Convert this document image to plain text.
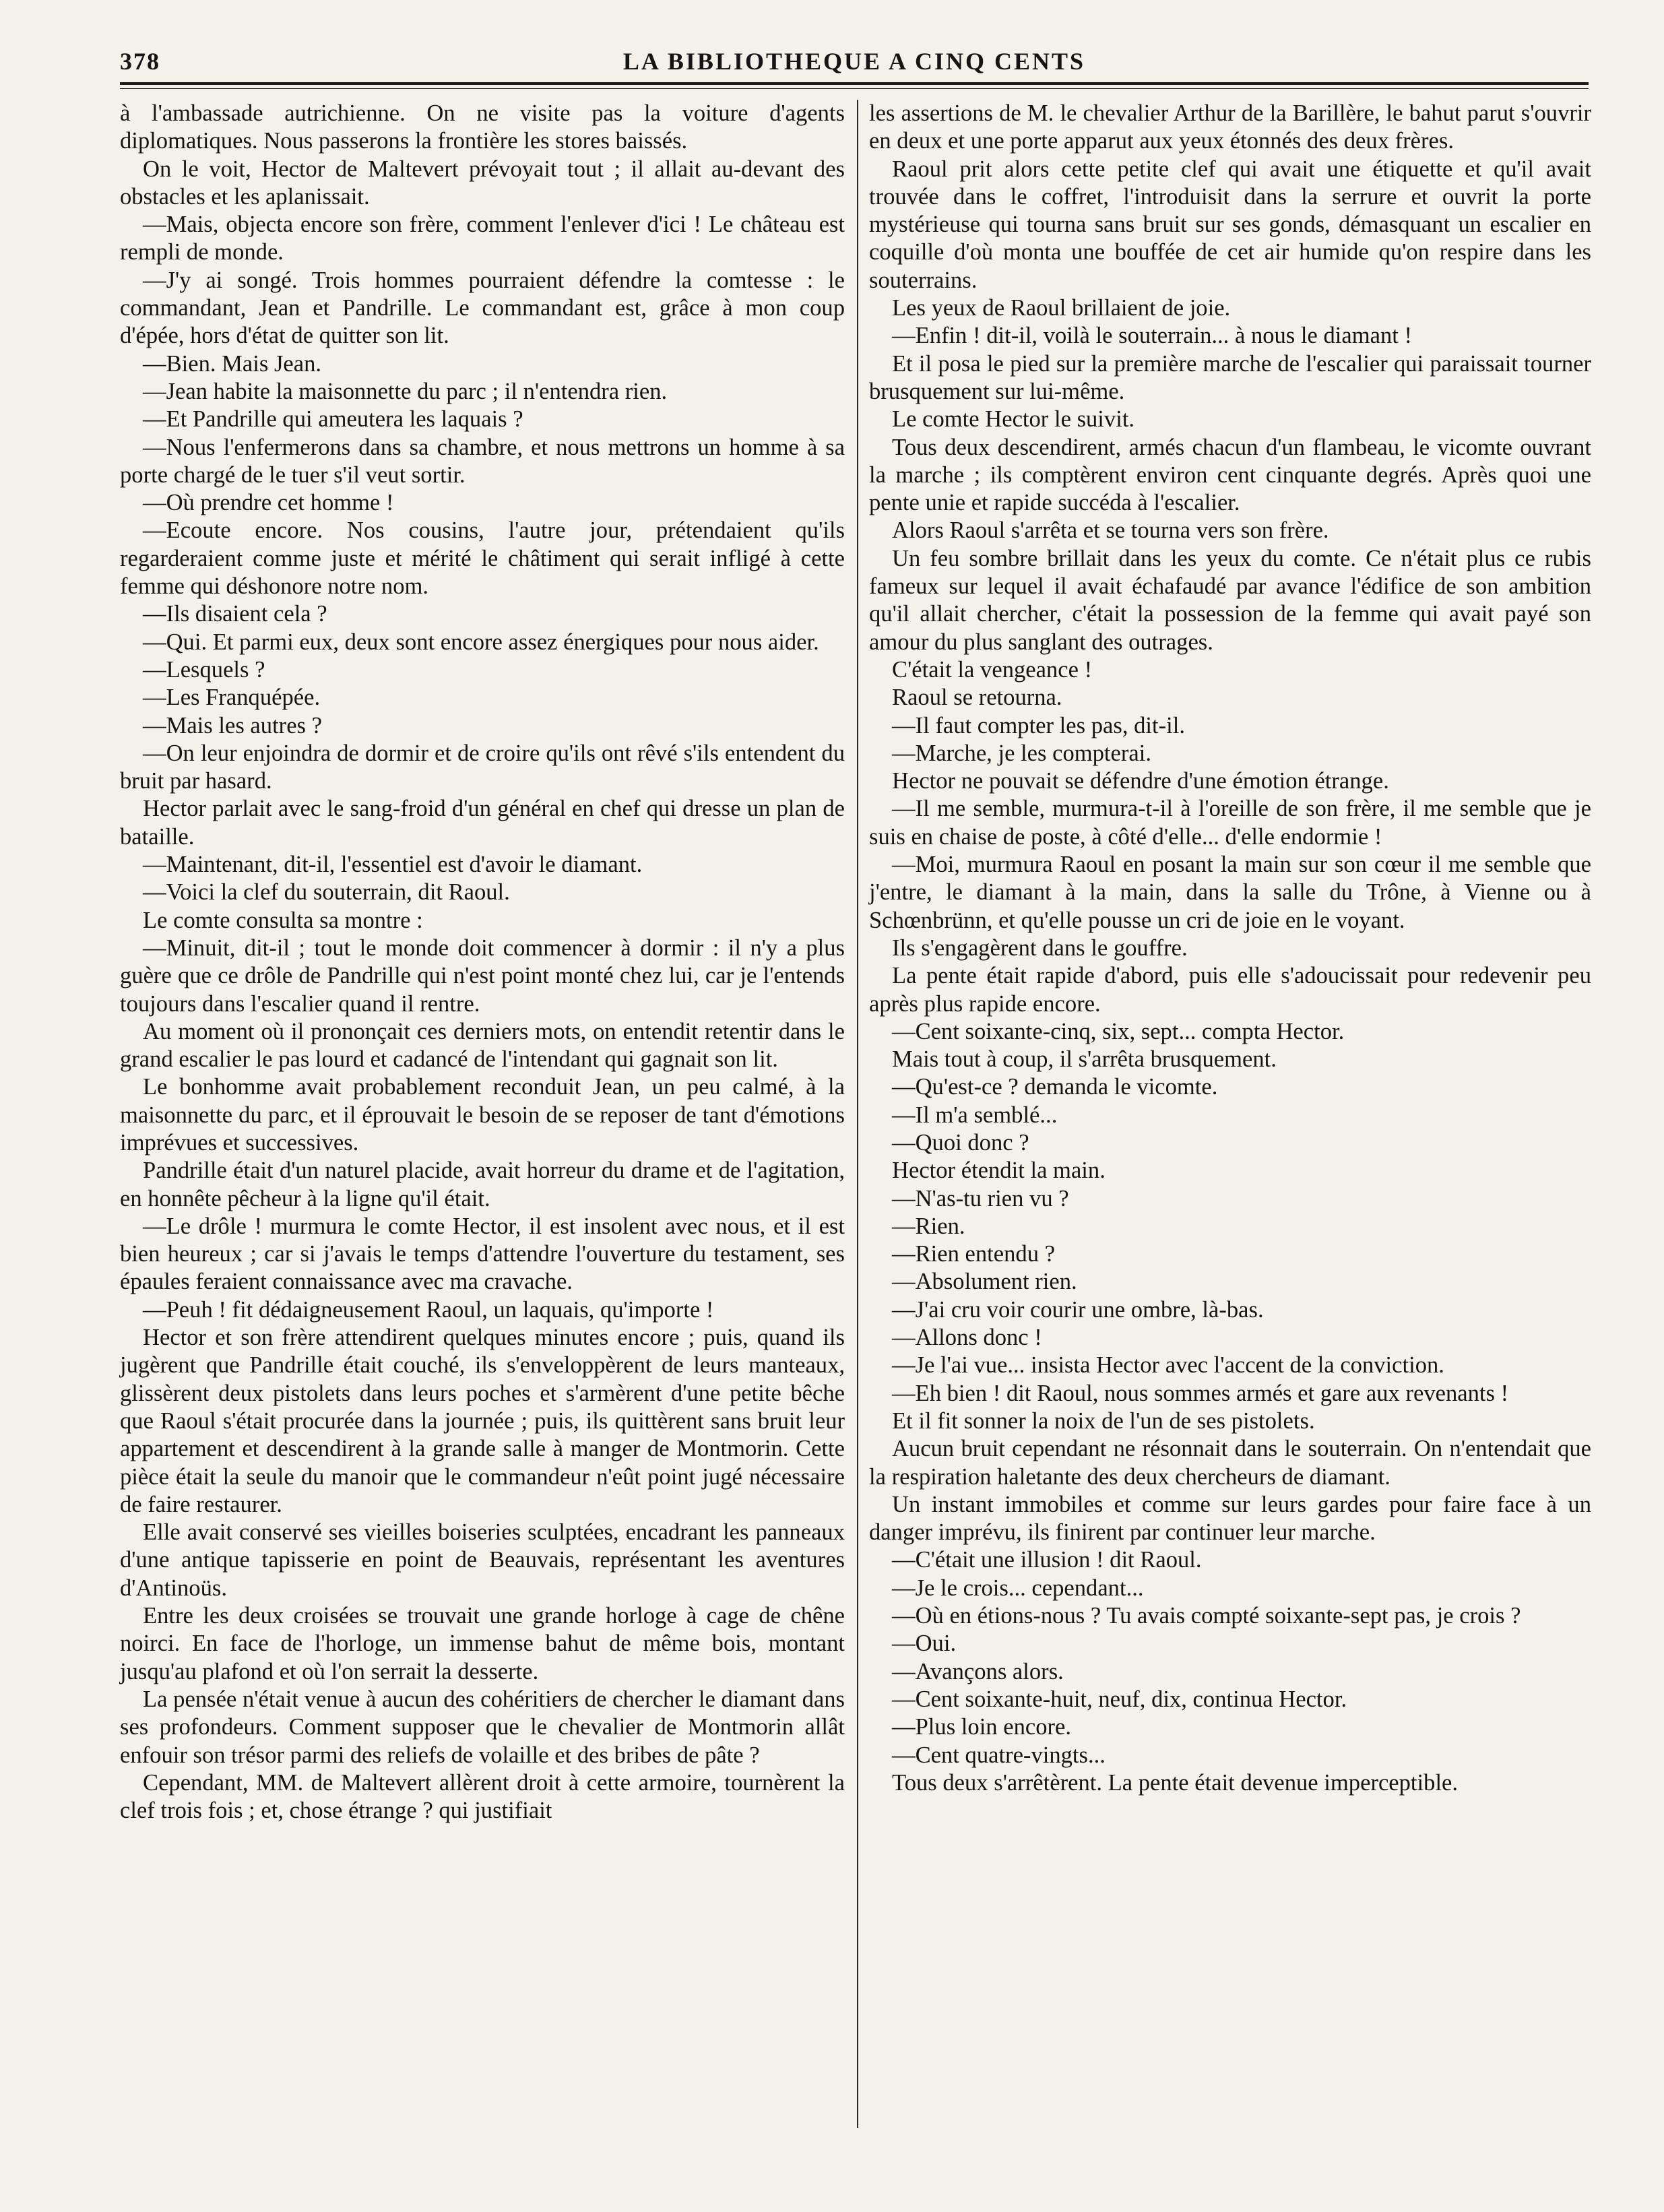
378	LA BIBLIOTHEQUE A CINQ CENTS

à l'ambassade autrichienne. On ne visite pas la voiture d'agents diplomatiques. Nous passerons la frontière les stores baissés.

On le voit, Hector de Maltevert prévoyait tout ; il allait au-devant des obstacles et les aplanissait.

—Mais, objecta encore son frère, comment l'enlever d'ici ! Le château est rempli de monde.

—J'y ai songé. Trois hommes pourraient défendre la comtesse : le commandant, Jean et Pandrille. Le commandant est, grâce à mon coup d'épée, hors d'état de quitter son lit.

—Bien. Mais Jean.

—Jean habite la maisonnette du parc ; il n'entendra rien.

—Et Pandrille qui ameutera les laquais ?

—Nous l'enfermerons dans sa chambre, et nous mettrons un homme à sa porte chargé de le tuer s'il veut sortir.

—Où prendre cet homme !

—Ecoute encore. Nos cousins, l'autre jour, prétendaient qu'ils regarderaient comme juste et mérité le châtiment qui serait infligé à cette femme qui déshonore notre nom.

—Ils disaient cela ?

—Qui. Et parmi eux, deux sont encore assez énergiques pour nous aider.

—Lesquels ?

—Les Franquépée.

—Mais les autres ?

—On leur enjoindra de dormir et de croire qu'ils ont rêvé s'ils entendent du bruit par hasard.

Hector parlait avec le sang-froid d'un général en chef qui dresse un plan de bataille.

—Maintenant, dit-il, l'essentiel est d'avoir le diamant.

—Voici la clef du souterrain, dit Raoul.

Le comte consulta sa montre :

—Minuit, dit-il ; tout le monde doit commencer à dormir : il n'y a plus guère que ce drôle de Pandrille qui n'est point monté chez lui, car je l'entends toujours dans l'escalier quand il rentre.

Au moment où il prononçait ces derniers mots, on entendit retentir dans le grand escalier le pas lourd et cadancé de l'intendant qui gagnait son lit.

Le bonhomme avait probablement reconduit Jean, un peu calmé, à la maisonnette du parc, et il éprouvait le besoin de se reposer de tant d'émotions imprévues et successives.

Pandrille était d'un naturel placide, avait horreur du drame et de l'agitation, en honnête pêcheur à la ligne qu'il était.

—Le drôle ! murmura le comte Hector, il est insolent avec nous, et il est bien heureux ; car si j'avais le temps d'attendre l'ouverture du testament, ses épaules feraient connaissance avec ma cravache.

—Peuh ! fit dédaigneusement Raoul, un laquais, qu'importe !

Hector et son frère attendirent quelques minutes encore ; puis, quand ils jugèrent que Pandrille était couché, ils s'enveloppèrent de leurs manteaux, glissèrent deux pistolets dans leurs poches et s'armèrent d'une petite bêche que Raoul s'était procurée dans la journée ; puis, ils quittèrent sans bruit leur appartement et descendirent à la grande salle à manger de Montmorin. Cette pièce était la seule du manoir que le commandeur n'eût point jugé nécessaire de faire restaurer.

Elle avait conservé ses vieilles boiseries sculptées, encadrant les panneaux d'une antique tapisserie en point de Beauvais, représentant les aventures d'Antinoüs.

Entre les deux croisées se trouvait une grande horloge à cage de chêne noirci. En face de l'horloge, un immense bahut de même bois, montant jusqu'au plafond et où l'on serrait la desserte.

La pensée n'était venue à aucun des cohéritiers de chercher le diamant dans ses profondeurs. Comment supposer que le chevalier de Montmorin allât enfouir son trésor parmi des reliefs de volaille et des bribes de pâte ?

Cependant, MM. de Maltevert allèrent droit à cette armoire, tournèrent la clef trois fois ; et, chose étrange ? qui justifiait

les assertions de M. le chevalier Arthur de la Barillère, le bahut parut s'ouvrir en deux et une porte apparut aux yeux étonnés des deux frères.

Raoul prit alors cette petite clef qui avait une étiquette et qu'il avait trouvée dans le coffret, l'introduisit dans la serrure et ouvrit la porte mystérieuse qui tourna sans bruit sur ses gonds, démasquant un escalier en coquille d'où monta une bouffée de cet air humide qu'on respire dans les souterrains.

Les yeux de Raoul brillaient de joie.

—Enfin ! dit-il, voilà le souterrain... à nous le diamant !

Et il posa le pied sur la première marche de l'escalier qui paraissait tourner brusquement sur lui-même.

Le comte Hector le suivit.

Tous deux descendirent, armés chacun d'un flambeau, le vicomte ouvrant la marche ; ils comptèrent environ cent cinquante degrés. Après quoi une pente unie et rapide succéda à l'escalier.

Alors Raoul s'arrêta et se tourna vers son frère.

Un feu sombre brillait dans les yeux du comte. Ce n'était plus ce rubis fameux sur lequel il avait échafaudé par avance l'édifice de son ambition qu'il allait chercher, c'était la possession de la femme qui avait payé son amour du plus sanglant des outrages.

C'était la vengeance !

Raoul se retourna.

—Il faut compter les pas, dit-il.

—Marche, je les compterai.

Hector ne pouvait se défendre d'une émotion étrange.

—Il me semble, murmura-t-il à l'oreille de son frère, il me semble que je suis en chaise de poste, à côté d'elle... d'elle endormie !

—Moi, murmura Raoul en posant la main sur son cœur il me semble que j'entre, le diamant à la main, dans la salle du Trône, à Vienne ou à Schœnbrünn, et qu'elle pousse un cri de joie en le voyant.

Ils s'engagèrent dans le gouffre.

La pente était rapide d'abord, puis elle s'adoucissait pour redevenir peu après plus rapide encore.

—Cent soixante-cinq, six, sept... compta Hector.

Mais tout à coup, il s'arrêta brusquement.

—Qu'est-ce ? demanda le vicomte.

—Il m'a semblé...

—Quoi donc ?

Hector étendit la main.

—N'as-tu rien vu ?

—Rien.

—Rien entendu ?

—Absolument rien.

—J'ai cru voir courir une ombre, là-bas.

—Allons donc !

—Je l'ai vue... insista Hector avec l'accent de la conviction.

—Eh bien ! dit Raoul, nous sommes armés et gare aux revenants !

Et il fit sonner la noix de l'un de ses pistolets.

Aucun bruit cependant ne résonnait dans le souterrain. On n'entendait que la respiration haletante des deux chercheurs de diamant.

Un instant immobiles et comme sur leurs gardes pour faire face à un danger imprévu, ils finirent par continuer leur marche.

—C'était une illusion ! dit Raoul.

—Je le crois... cependant...

—Où en étions-nous ? Tu avais compté soixante-sept pas, je crois ?

—Oui.

—Avançons alors.

—Cent soixante-huit, neuf, dix, continua Hector.

—Plus loin encore.

—Cent quatre-vingts...

Tous deux s'arrêtèrent. La pente était devenue imperceptible.
